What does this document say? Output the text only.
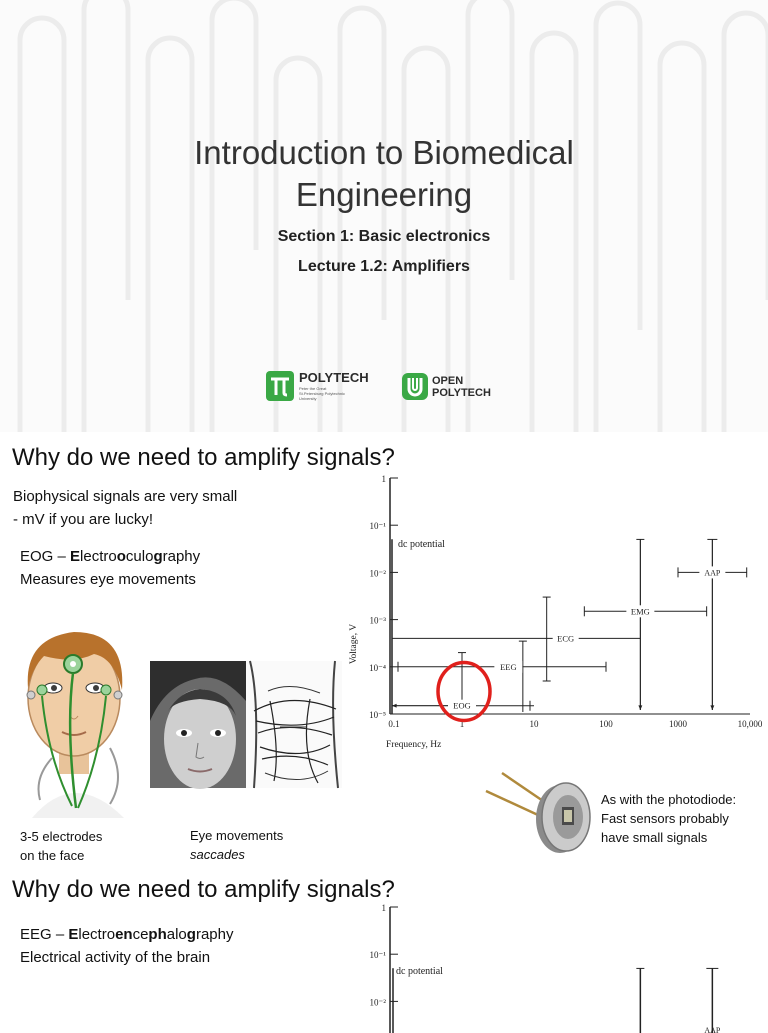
Introduction to Biomedical
Engineering
Section 1: Basic electronics
Lecture 1.2: Amplifiers
POLYTECH
Peter the Great
St.Petersburg Polytechnic
University
OPEN
POLYTECH
Why do we need to amplify signals?
Biophysical signals are very small
- mV if you are lucky!
EOG – Electrooculography
Measures eye movements
3-5 electrodes
on the face
Eye movements
saccades
1
10⁻¹
10⁻²
10⁻³
10⁻⁴
10⁻⁵
0.1	1	10	100	1000	10,000
Frequency, Hz
Voltage, V
dc potential
EOG
EEG
ECG
EMG
AAP
As with the photodiode:
Fast sensors probably
have small signals
Why do we need to amplify signals?
EEG – Electroencephalography
Electrical activity of the brain
1
10⁻¹
10⁻²
dc potential
AAP
